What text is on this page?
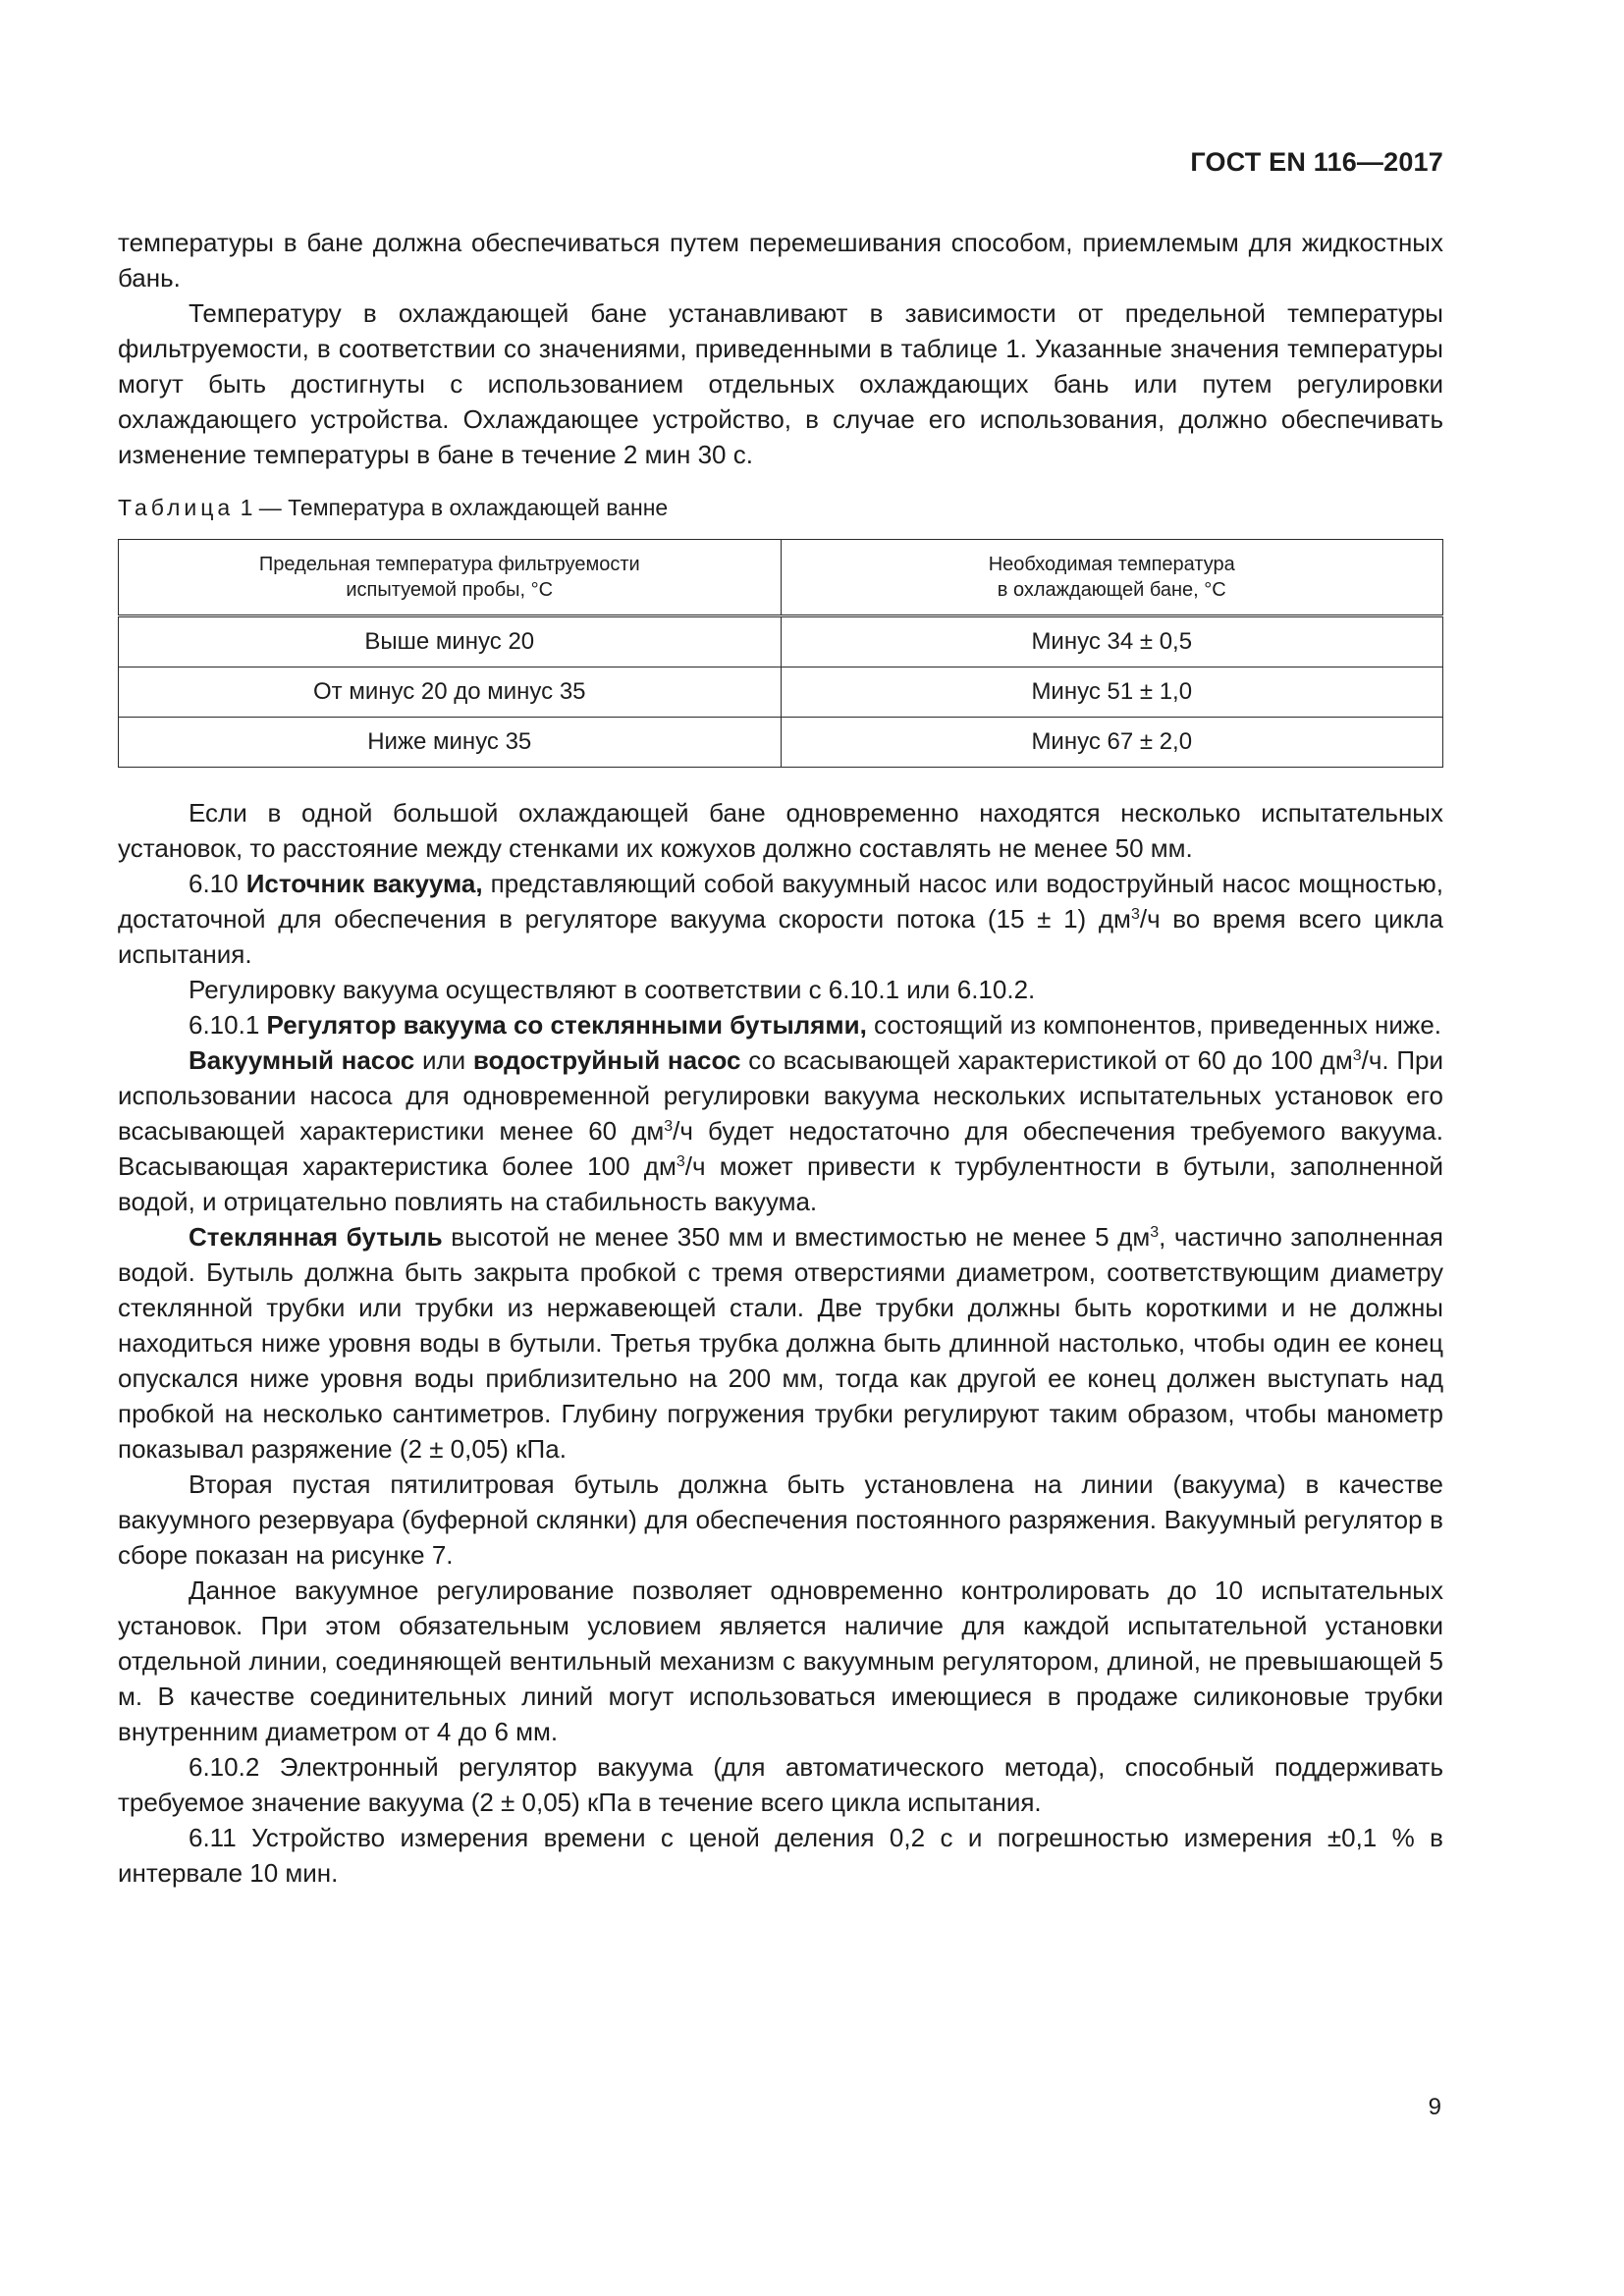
ГОСТ EN 116—2017

температуры в бане должна обеспечиваться путем перемешивания способом, приемлемым для жидкостных бань.

Температуру в охлаждающей бане устанавливают в зависимости от предельной температуры фильтруемости, в соответствии со значениями, приведенными в таблице 1. Указанные значения температуры могут быть достигнуты с использованием отдельных охлаждающих бань или путем регулировки охлаждающего устройства. Охлаждающее устройство, в случае его использования, должно обеспечивать изменение температуры в бане в течение 2 мин 30 с.

Таблица 1 — Температура в охлаждающей ванне
Предельная температура фильтруемости
испытуемой пробы, °С	Необходимая температура
в охлаждающей бане, °С
Выше минус 20	Минус 34 ± 0,5
От минус 20 до минус 35	Минус 51 ± 1,0
Ниже минус 35	Минус 67 ± 2,0

Если в одной большой охлаждающей бане одновременно находятся несколько испытательных установок, то расстояние между стенками их кожухов должно составлять не менее 50 мм.

6.10 Источник вакуума, представляющий собой вакуумный насос или водоструйный насос мощностью, достаточной для обеспечения в регуляторе вакуума скорости потока (15 ± 1) $дм^3/ч$ во время всего цикла испытания.

Регулировку вакуума осуществляют в соответствии с 6.10.1 или 6.10.2.

6.10.1 Регулятор вакуума со стеклянными бутылями, состоящий из компонентов, приведенных ниже.

Вакуумный насос или водоструйный насос со всасывающей характеристикой от 60 до 100 $дм^3/ч$. При использовании насоса для одновременной регулировки вакуума нескольких испытательных установок его всасывающей характеристики менее 60 $дм^3/ч$ будет недостаточно для обеспечения требуемого вакуума. Всасывающая характеристика более 100 $дм^3/ч$ может привести к турбулентности в бутыли, заполненной водой, и отрицательно повлиять на стабильность вакуума.

Стеклянная бутыль высотой не менее 350 мм и вместимостью не менее 5 $дм^3$, частично заполненная водой. Бутыль должна быть закрыта пробкой с тремя отверстиями диаметром, соответствующим диаметру стеклянной трубки или трубки из нержавеющей стали. Две трубки должны быть короткими и не должны находиться ниже уровня воды в бутыли. Третья трубка должна быть длинной настолько, чтобы один ее конец опускался ниже уровня воды приблизительно на 200 мм, тогда как другой ее конец должен выступать над пробкой на несколько сантиметров. Глубину погружения трубки регулируют таким образом, чтобы манометр показывал разряжение (2 ± 0,05) кПа.

Вторая пустая пятилитровая бутыль должна быть установлена на линии (вакуума) в качестве вакуумного резервуара (буферной склянки) для обеспечения постоянного разряжения. Вакуумный регулятор в сборе показан на рисунке 7.

Данное вакуумное регулирование позволяет одновременно контролировать до 10 испытательных установок. При этом обязательным условием является наличие для каждой испытательной установки отдельной линии, соединяющей вентильный механизм с вакуумным регулятором, длиной, не превышающей 5 м. В качестве соединительных линий могут использоваться имеющиеся в продаже силиконовые трубки внутренним диаметром от 4 до 6 мм.

6.10.2 Электронный регулятор вакуума (для автоматического метода), способный поддерживать требуемое значение вакуума (2 ± 0,05) кПа в течение всего цикла испытания.

6.11 Устройство измерения времени с ценой деления 0,2 с и погрешностью измерения ±0,1 % в интервале 10 мин.

9
